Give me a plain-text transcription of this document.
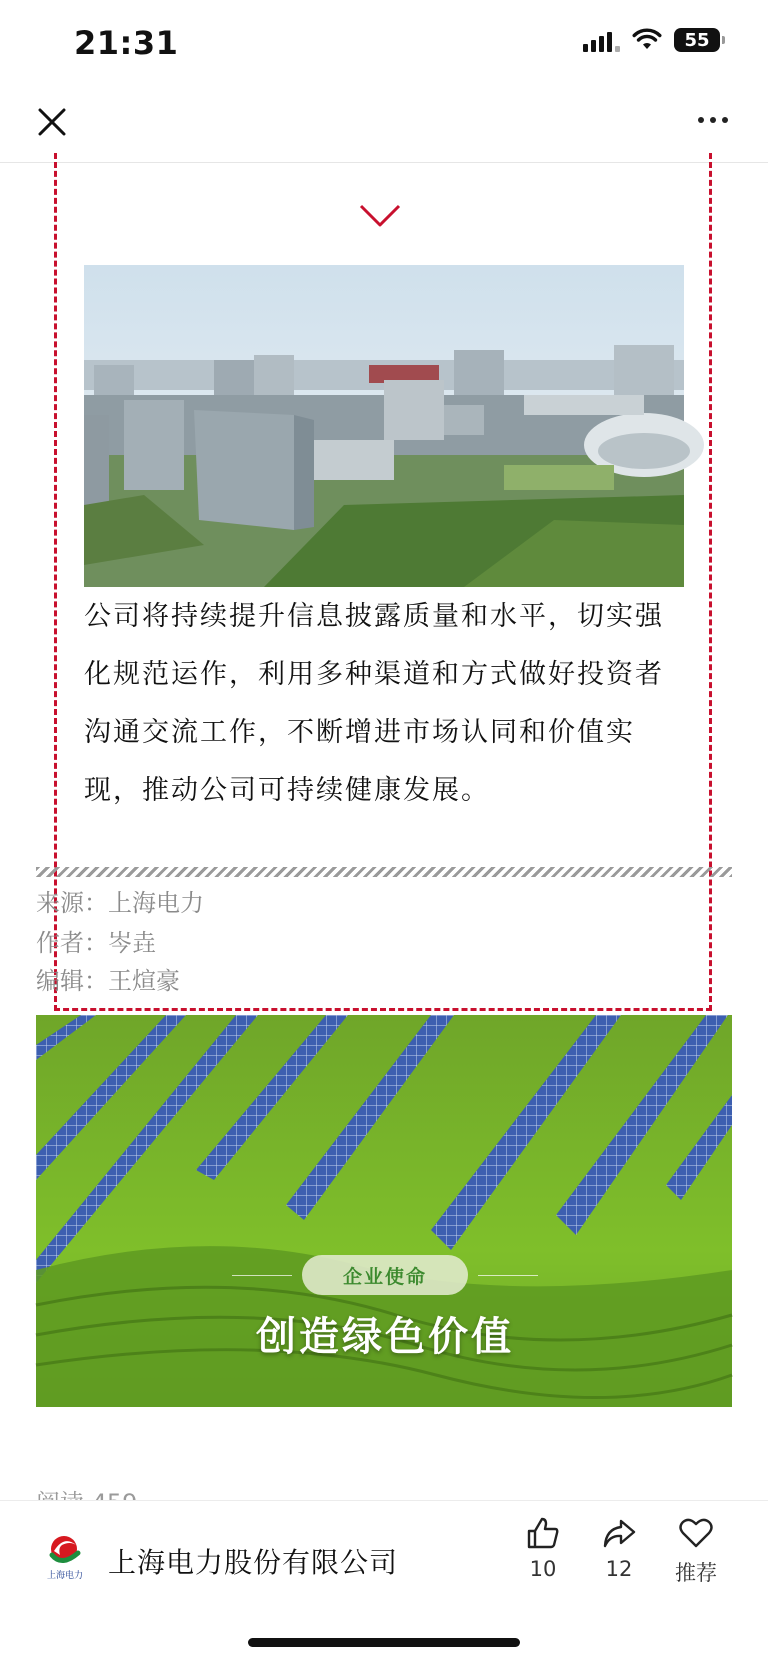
21:31	55
公司将持续提升信息披露质量和水平，切实强化规范运作，利用多种渠道和方式做好投资者沟通交流工作，不断增进市场认同和价值实现，推动公司可持续健康发展。
来源：上海电力
作者：岑垚
编辑：王煊豪
企业使命
创造绿色价值
上海电力 上海电力股份有限公司	10	12	推荐
